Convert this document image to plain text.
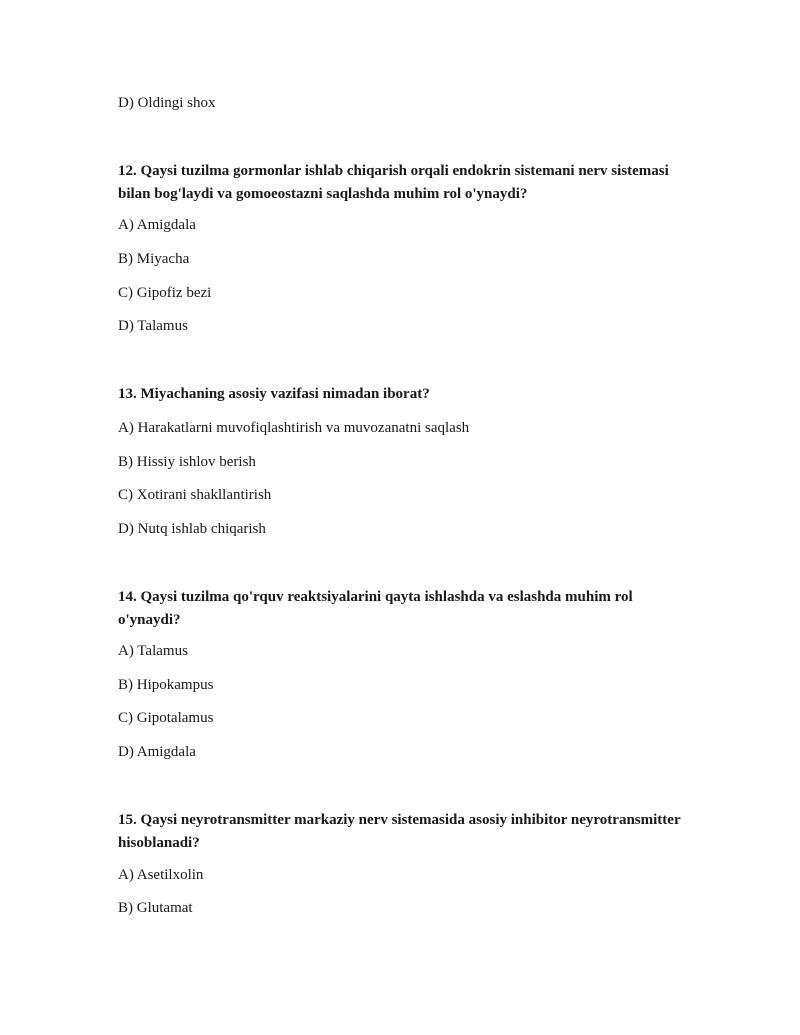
D) Oldingi shox
12. Qaysi tuzilma gormonlar ishlab chiqarish orqali endokrin sistemani nerv sistemasi bilan bog'laydi va gomoeostazni saqlashda muhim rol o'ynaydi?
A) Amigdala
B) Miyacha
C) Gipofiz bezi
D) Talamus
13. Miyachaning asosiy vazifasi nimadan iborat?
A) Harakatlarni muvofiqlashtirish va muvozanatni saqlash
B) Hissiy ishlov berish
C) Xotirani shakllantirish
D) Nutq ishlab chiqarish
14. Qaysi tuzilma qo'rquv reaktsiyalarini qayta ishlashda va eslashda muhim rol o'ynaydi?
A) Talamus
B) Hipokampus
C) Gipotalamus
D) Amigdala
15. Qaysi neyrotransmitter markaziy nerv sistemasida asosiy inhibitor neyrotransmitter hisoblanadi?
A) Asetilxolin
B) Glutamat
